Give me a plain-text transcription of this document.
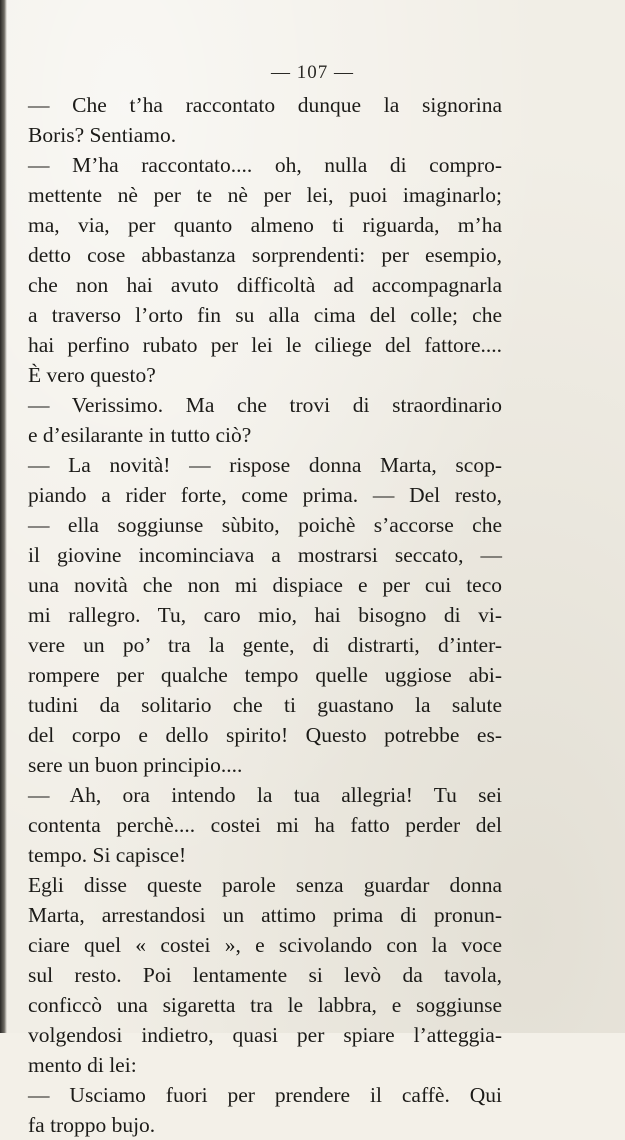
— 107 —
— Che t’ha raccontato dunque la signorina
Boris? Sentiamo.
— M’ha raccontato.... oh, nulla di compro-
mettente nè per te nè per lei, puoi imaginarlo;
ma, via, per quanto almeno ti riguarda, m’ha
detto cose abbastanza sorprendenti: per esempio,
che non hai avuto difficoltà ad accompagnarla
a traverso l’orto fin su alla cima del colle; che
hai perfino rubato per lei le ciliege del fattore....
È vero questo?
— Verissimo. Ma che trovi di straordinario
e d’esilarante in tutto ciò?
— La novità! — rispose donna Marta, scop-
piando a rider forte, come prima. — Del resto,
— ella soggiunse sùbito, poichè s’accorse che
il giovine incominciava a mostrarsi seccato, —
una novità che non mi dispiace e per cui teco
mi rallegro. Tu, caro mio, hai bisogno di vi-
vere un po’ tra la gente, di distrarti, d’inter-
rompere per qualche tempo quelle uggiose abi-
tudini da solitario che ti guastano la salute
del corpo e dello spirito! Questo potrebbe es-
sere un buon principio....
— Ah, ora intendo la tua allegria! Tu sei
contenta perchè.... costei mi ha fatto perder del
tempo. Si capisce!
Egli disse queste parole senza guardar donna
Marta, arrestandosi un attimo prima di pronun-
ciare quel « costei », e scivolando con la voce
sul resto. Poi lentamente si levò da tavola,
conficcò una sigaretta tra le labbra, e soggiunse
volgendosi indietro, quasi per spiare l’atteggia-
mento di lei:
— Usciamo fuori per prendere il caffè. Qui
fa troppo bujo.
